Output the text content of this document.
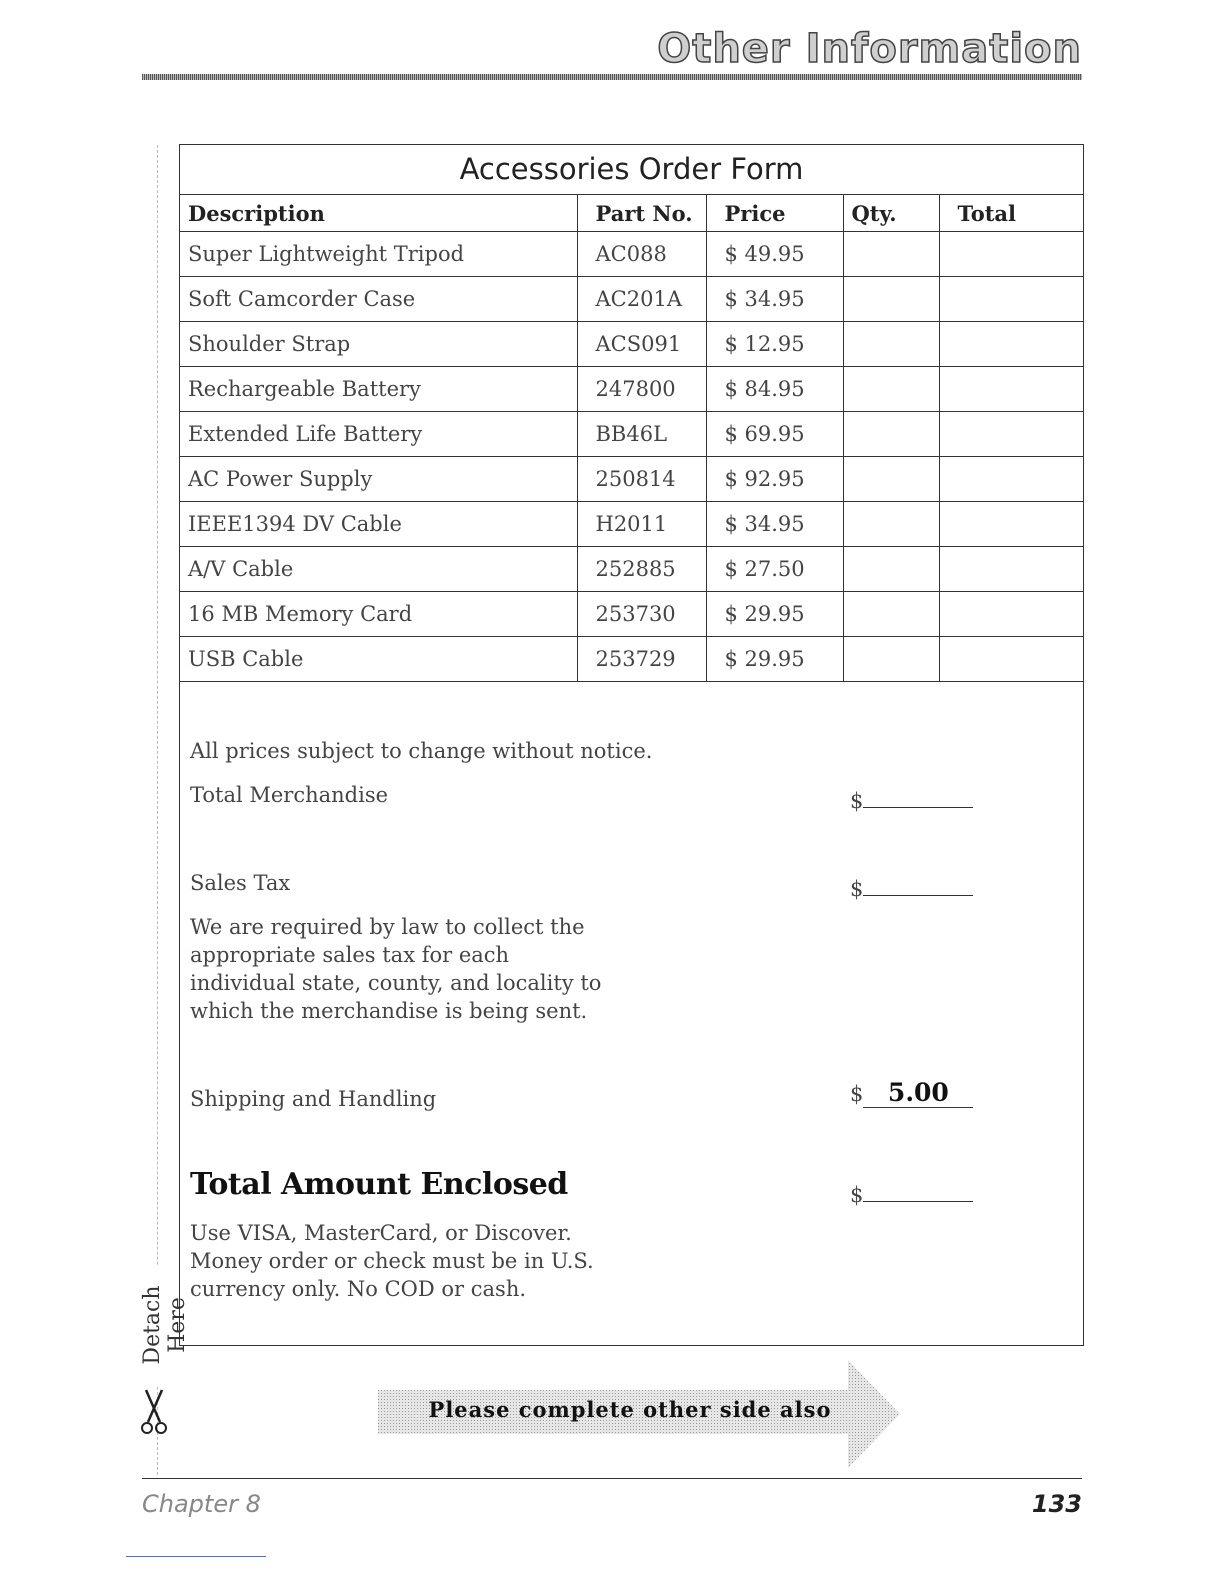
Other Information
Detach Here
Accessories Order Form
Description	Part No.	Price	Qty.	Total
Super Lightweight Tripod	AC088	$ 49.95		
Soft Camcorder Case	AC201A	$ 34.95		
Shoulder Strap	ACS091	$ 12.95		
Rechargeable Battery	247800	$ 84.95		
Extended Life Battery	BB46L	$ 69.95		
AC Power Supply	250814	$ 92.95		
IEEE1394 DV Cable	H2011	$ 34.95		
A/V Cable	252885	$ 27.50		
16 MB Memory Card	253730	$ 29.95		
USB Cable	253729	$ 29.95		
All prices subject to change without notice.
Total Merchandise	$
Sales Tax	$
We are required by law to collect the appropriate sales tax for each individual state, county, and locality to which the merchandise is being sent.
Shipping and Handling	$ 5.00
Total Amount Enclosed	$
Use VISA, MasterCard, or Discover. Money order or check must be in U.S. currency only. No COD or cash.
Please complete other side also
Chapter 8	133
